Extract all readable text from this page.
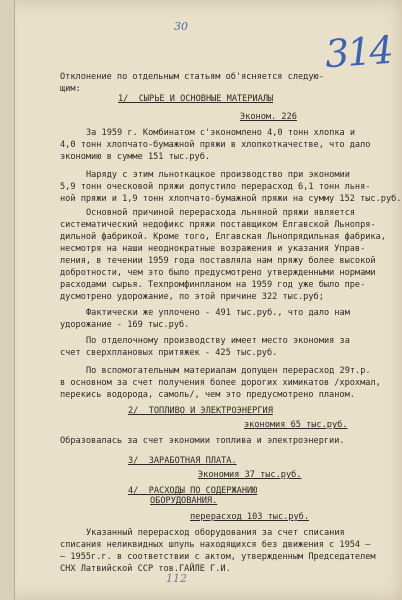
30
314
Отклонение по отдельным статьям об'ясняется следую-
щим:
1/  СЫРЬЕ И ОСНОВНЫЕ МАТЕРИАЛЫ
Эконом. 226
За 1959 г. Комбинатом с'экономлено 4,0 тонн хлопка и
4,0 тонн хлопчато-бумажной пряжи в хлопкоткачестве, что дало
экономию в сумме 151 тыс.руб.
Наряду с этим льноткацкое производство при экономии
5,9 тонн оческовой пряжи допустило перерасход 6,1 тонн льня-
ной пряжи и 1,9 тонн хлопчато-бумажной пряжи на сумму 152 тыс.руб.
Основной причиной перерасхода льняной пряжи является
систематический недофикс пряжи поставщиком Елгавской Льнопря-
дильной фабрикой. Кроме того, Елгавская Льнопрядильная фабрика,
несмотря на наши неоднократные возражения и указания Управ-
ления, в течении 1959 года поставляла нам пряжу более высокой
добротности, чем это было предусмотрено утвержденными нормами
расходами сырья. Техпромфинпланом на 1959 год уже было пре-
дусмотрено удорожание, по этой причине 322 тыс.руб;
Фактически же уплочено - 491 тыс.руб., что дало нам
удорожание - 169 тыс.руб.
По отделочному производству имеет место экономия за
счет сверхплановых притяжек - 425 тыс.руб.
По вспомогательным материалам допущен перерасход 29т.р.
в основном за счет получения более дорогих химикатов /хрохмал,
перекись водорода, самоль/, чем это предусмотрено планом.
2/  ТОПЛИВО И ЭЛЕКТРОЭНЕРГИЯ
экономия 65 тыс.руб.
Образовалась за счет экономии топлива и электроэнергии.
3/  ЗАРАБОТНАЯ ПЛАТА.
Экономия 37 тыс.руб.
4/  РАСХОДЫ ПО СОДЕРЖАНИЮ
ОБОРУДОВАНИЯ.
перерасход 103 тыс.руб.
Указанный перерасход оборудования за счет списания
списания неликвидных шпуль находящихся без движения с 1954 –
– 1955г.г. в соответствии с актом, утвержденным Председателем
СНХ Латвийской ССР тов.ГАЙЛЕ Г.И.
112
